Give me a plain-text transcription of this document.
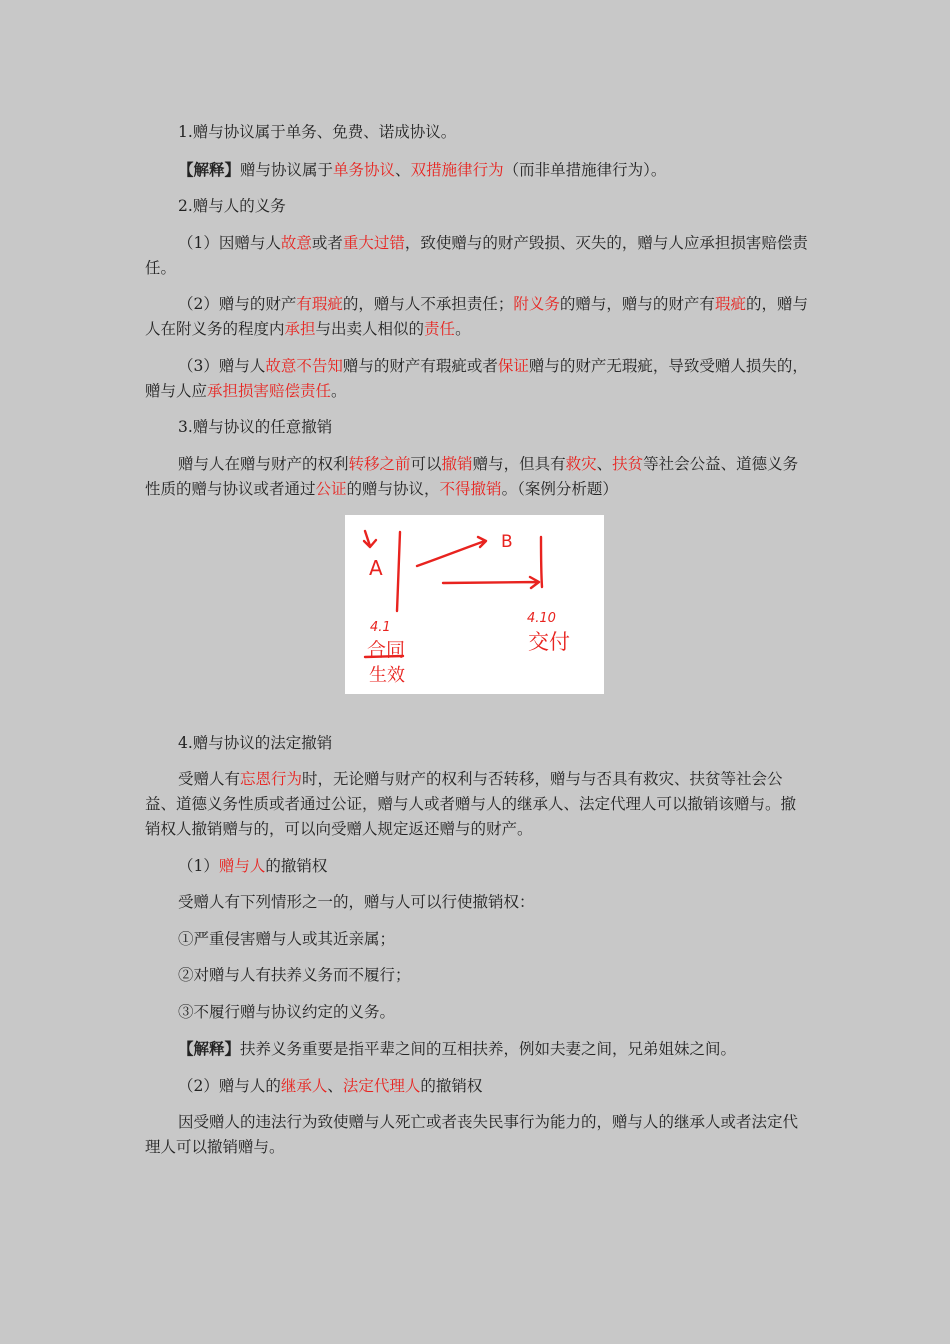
1.赠与协议属于单务、免费、诺成协议。

【解释】赠与协议属于单务协议、双措施律行为（而非单措施律行为）。

2.赠与人的义务

（1）因赠与人故意或者重大过错，致使赠与的财产毁损、灭失的，赠与人应承担损害赔偿责任。

（2）赠与的财产有瑕疵的，赠与人不承担责任；附义务的赠与，赠与的财产有瑕疵的，赠与人在附义务的程度内承担与出卖人相似的责任。

（3）赠与人故意不告知赠与的财产有瑕疵或者保证赠与的财产无瑕疵，导致受赠人损失的，赠与人应承担损害赔偿责任。

3.赠与协议的任意撤销

赠与人在赠与财产的权利转移之前可以撤销赠与，但具有救灾、扶贫等社会公益、道德义务性质的赠与协议或者通过公证的赠与协议，不得撤销。（案例分析题）

A
B
4.1
4.10
合同
生效
交付

4.赠与协议的法定撤销

受赠人有忘恩行为时，无论赠与财产的权利与否转移，赠与与否具有救灾、扶贫等社会公益、道德义务性质或者通过公证，赠与人或者赠与人的继承人、法定代理人可以撤销该赠与。撤销权人撤销赠与的，可以向受赠人规定返还赠与的财产。

（1）赠与人的撤销权

受赠人有下列情形之一的，赠与人可以行使撤销权：

①严重侵害赠与人或其近亲属；

②对赠与人有扶养义务而不履行；

③不履行赠与协议约定的义务。

【解释】扶养义务重要是指平辈之间的互相扶养，例如夫妻之间，兄弟姐妹之间。

（2）赠与人的继承人、法定代理人的撤销权

因受赠人的违法行为致使赠与人死亡或者丧失民事行为能力的，赠与人的继承人或者法定代理人可以撤销赠与。
